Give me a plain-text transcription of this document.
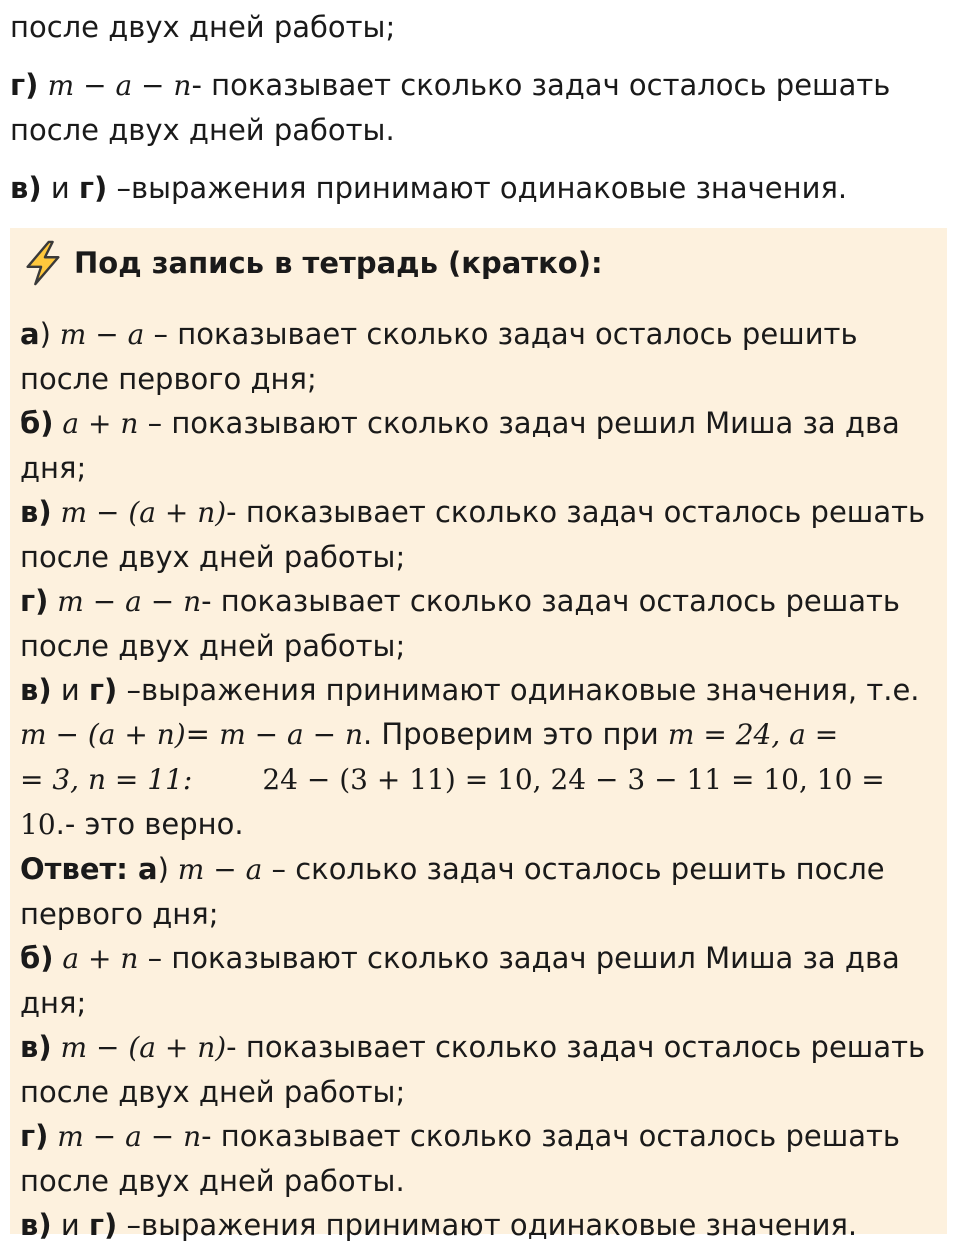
после двух дней работы;

г) m − a − n- показывает сколько задач осталось решать после двух дней работы.

в) и г) –выражения принимают одинаковые значения.

Под запись в тетрадь (кратко):

а) m − a – показывает сколько задач осталось решить после первого дня;

б) a + n – показывают сколько задач решил Миша за два дня;

в) m − (a + n)- показывает сколько задач осталось решать после двух дней работы;

г) m − a − n- показывает сколько задач осталось решать после двух дней работы;

в) и г) –выражения принимают одинаковые значения, т.е.

m − (a + n)= m − a − n. Проверим это при m = 24, a =

= 3, n = 11:	24 − (3 + 11) = 10, 24 − 3 − 11 = 10, 10 =

10.- это верно.

Ответ: а) m − a – сколько задач осталось решить после первого дня;

б) a + n – показывают сколько задач решил Миша за два дня;

в) m − (a + n)- показывает сколько задач осталось решать после двух дней работы;

г) m − a − n- показывает сколько задач осталось решать после двух дней работы.

в) и г) –выражения принимают одинаковые значения.
